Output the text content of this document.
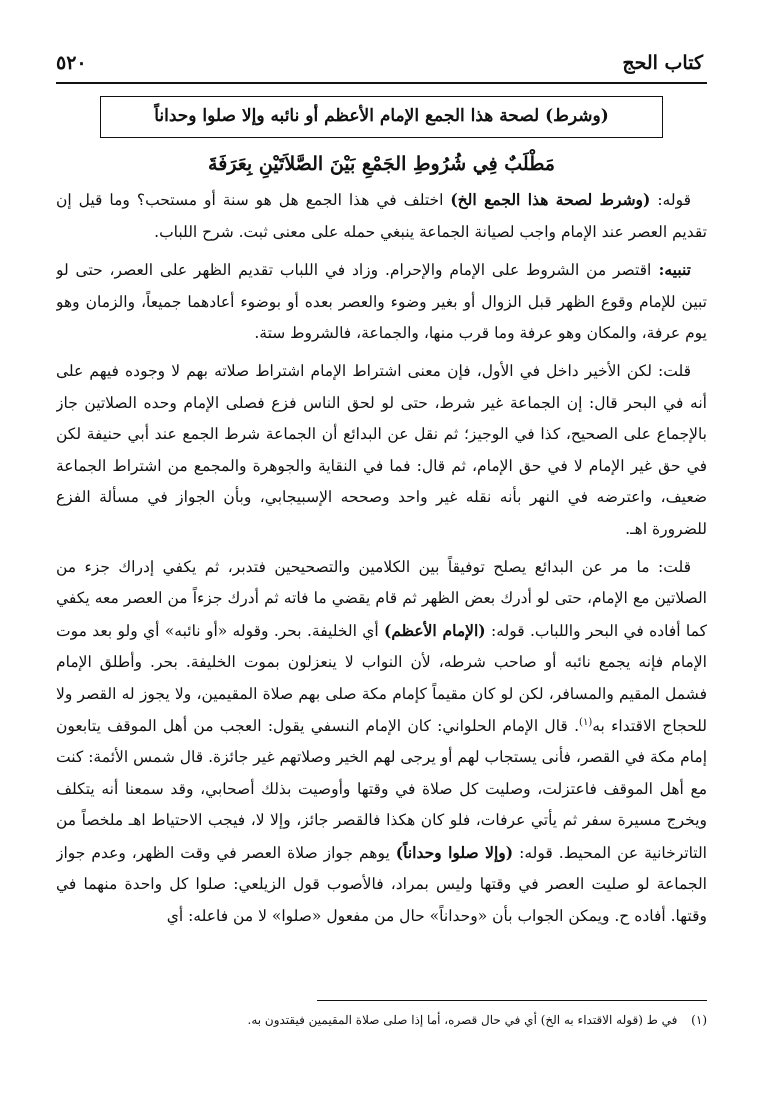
٥٢٠	كتاب الحج
(وشرط) لصحة هذا الجمع الإمام الأعظم أو نائبه وإلا صلوا وحداناً
مَطْلَبٌ فِي شُرُوطِ الجَمْعِ بَيْنَ الصَّلاَتَيْنِ بِعَرَفَةَ

قوله: (وشرط لصحة هذا الجمع الخ) اختلف في هذا الجمع هل هو سنة أو مستحب؟ وما قيل إن تقديم العصر عند الإمام واجب لصيانة الجماعة ينبغي حمله على معنى ثبت. شرح اللباب.

تنبيه: اقتصر من الشروط على الإمام والإحرام. وزاد في اللباب تقديم الظهر على العصر، حتى لو تبين للإمام وقوع الظهر قبل الزوال أو بغير وضوء والعصر بعده أو بوضوء أعادهما جميعاً، والزمان وهو يوم عرفة، والمكان وهو عرفة وما قرب منها، والجماعة، فالشروط ستة.

قلت: لكن الأخير داخل في الأول، فإن معنى اشتراط الإمام اشتراط صلاته بهم لا وجوده فيهم على أنه في البحر قال: إن الجماعة غير شرط، حتى لو لحق الناس فزع فصلى الإمام وحده الصلاتين جاز بالإجماع على الصحيح، كذا في الوجيز؛ ثم نقل عن البدائع أن الجماعة شرط الجمع عند أبي حنيفة لكن في حق غير الإمام لا في حق الإمام، ثم قال: فما في النقاية والجوهرة والمجمع من اشتراط الجماعة ضعيف، واعترضه في النهر بأنه نقله غير واحد وصححه الإسبيجابي، وبأن الجواز في مسألة الفزع للضرورة اهـ.

قلت: ما مر عن البدائع يصلح توفيقاً بين الكلامين والتصحيحين فتدبر، ثم يكفي إدراك جزء من الصلاتين مع الإمام، حتى لو أدرك بعض الظهر ثم قام يقضي ما فاته ثم أدرك جزءاً من العصر معه يكفي كما أفاده في البحر واللباب. قوله: (الإمام الأعظم) أي الخليفة. بحر. وقوله «أو نائبه» أي ولو بعد موت الإمام فإنه يجمع نائبه أو صاحب شرطه، لأن النواب لا ينعزلون بموت الخليفة. بحر. وأطلق الإمام فشمل المقيم والمسافر، لكن لو كان مقيماً كإمام مكة صلى بهم صلاة المقيمين، ولا يجوز له القصر ولا للحجاج الاقتداء به$^{(١)}$. قال الإمام الحلواني: كان الإمام النسفي يقول: العجب من أهل الموقف يتابعون إمام مكة في القصر، فأنى يستجاب لهم أو يرجى لهم الخير وصلاتهم غير جائزة. قال شمس الأئمة: كنت مع أهل الموقف فاعتزلت، وصليت كل صلاة في وقتها وأوصيت بذلك أصحابي، وقد سمعنا أنه يتكلف ويخرج مسيرة سفر ثم يأتي عرفات، فلو كان هكذا فالقصر جائز، وإلا لا، فيجب الاحتياط اهـ ملخصاً من التاترخانية عن المحيط. قوله: (وإلا صلوا وحداناً) يوهم جواز صلاة العصر في وقت الظهر، وعدم جواز الجماعة لو صليت العصر في وقتها وليس بمراد، فالأصوب قول الزيلعي: صلوا كل واحدة منهما في وقتها. أفاده ح. ويمكن الجواب بأن «وحداناً» حال من مفعول «صلوا» لا من فاعله: أي

(١) في ط (قوله الاقتداء به الخ) أي في حال قصره، أما إذا صلى صلاة المقيمين فيقتدون به.
